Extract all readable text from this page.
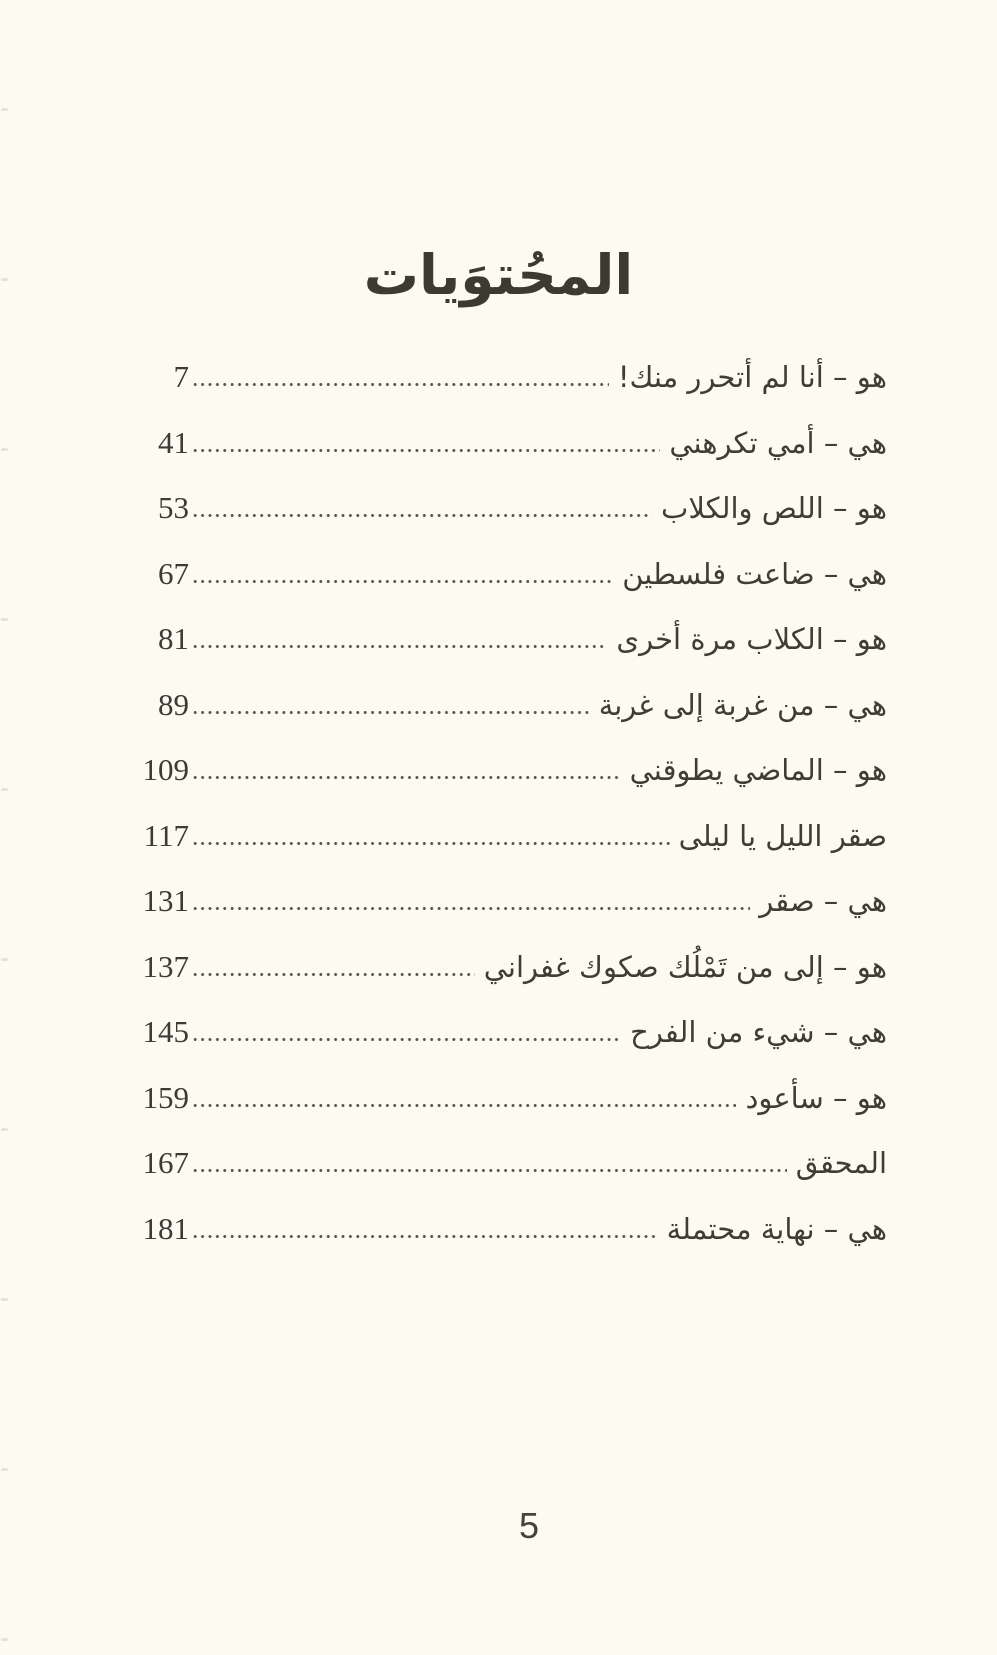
المحُتوَيات
هو – أنا لم أتحرر منك!
7
هي – أمي تكرهني
41
هو – اللص والكلاب
53
هي – ضاعت فلسطين
67
هو – الكلاب مرة أخرى
81
هي – من غربة إلى غربة
89
هو – الماضي يطوقني
109
صقر الليل يا ليلى
117
هي – صقر
131
هو – إلى من تَمْلُك صكوك غفراني
137
هي – شيء من الفرح
145
هو – سأعود
159
المحقق
167
هي – نهاية محتملة
181
5
